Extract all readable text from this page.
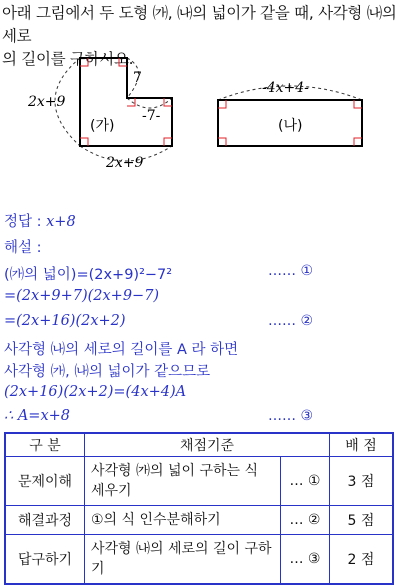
아래 그림에서 두 도형 ㈎, ㈏의 넓이가 같을 때, 사각형 ㈏의 세로
의 길이를 구하시오.
2x+9
7
-7-
2x+9
(가)
-4x+4-
(나)
정답 : x+8
해설 :
(㈎의 넓이)=(2x+9)²−7²	…… ①
=(2x+9+7)(2x+9−7)
=(2x+16)(2x+2)	…… ②
사각형 ㈏의 세로의 길이를 A 라 하면
사각형 ㈎, ㈏의 넓이가 같으므로
(2x+16)(2x+2)=(4x+4)A
∴ A=x+8	…… ③
구 분	채점기준		배 점
문제이해	사각형 ㈎의 넓이 구하는 식 세우기	… ①	3 점
해결과정	①의 식 인수분해하기	… ②	5 점
답구하기	사각형 ㈏의 세로의 길이 구하기	… ③	2 점
